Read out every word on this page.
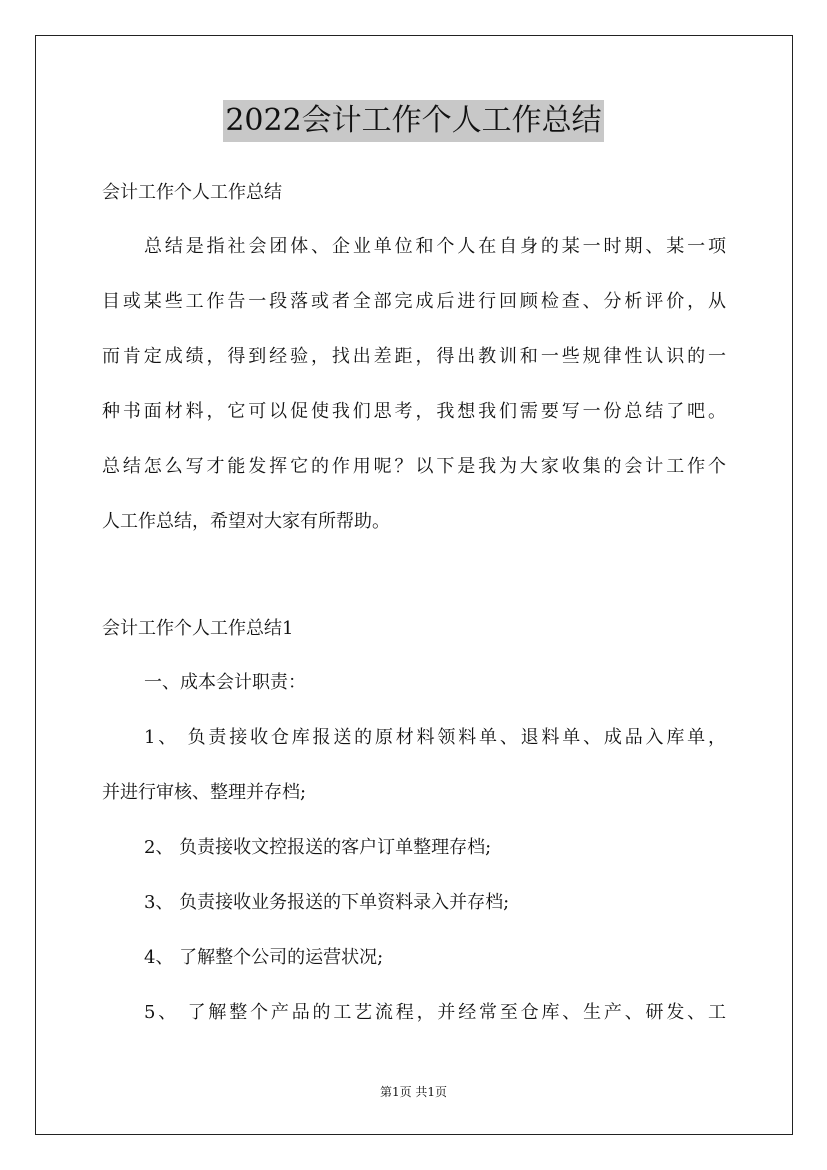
2022会计工作个人工作总结
会计工作个人工作总结
总结是指社会团体、企业单位和个人在自身的某一时期、某一项
目或某些工作告一段落或者全部完成后进行回顾检查、分析评价，从
而肯定成绩，得到经验，找出差距，得出教训和一些规律性认识的一
种书面材料，它可以促使我们思考，我想我们需要写一份总结了吧。
总结怎么写才能发挥它的作用呢？以下是我为大家收集的会计工作个
人工作总结，希望对大家有所帮助。
会计工作个人工作总结1
一、成本会计职责：
1、 负责接收仓库报送的原材料领料单、退料单、成品入库单，
并进行审核、整理并存档;
2、 负责接收文控报送的客户订单整理存档;
3、 负责接收业务报送的下单资料录入并存档;
4、 了解整个公司的运营状况;
5、 了解整个产品的工艺流程，并经常至仓库、生产、研发、工
第1页 共1页
